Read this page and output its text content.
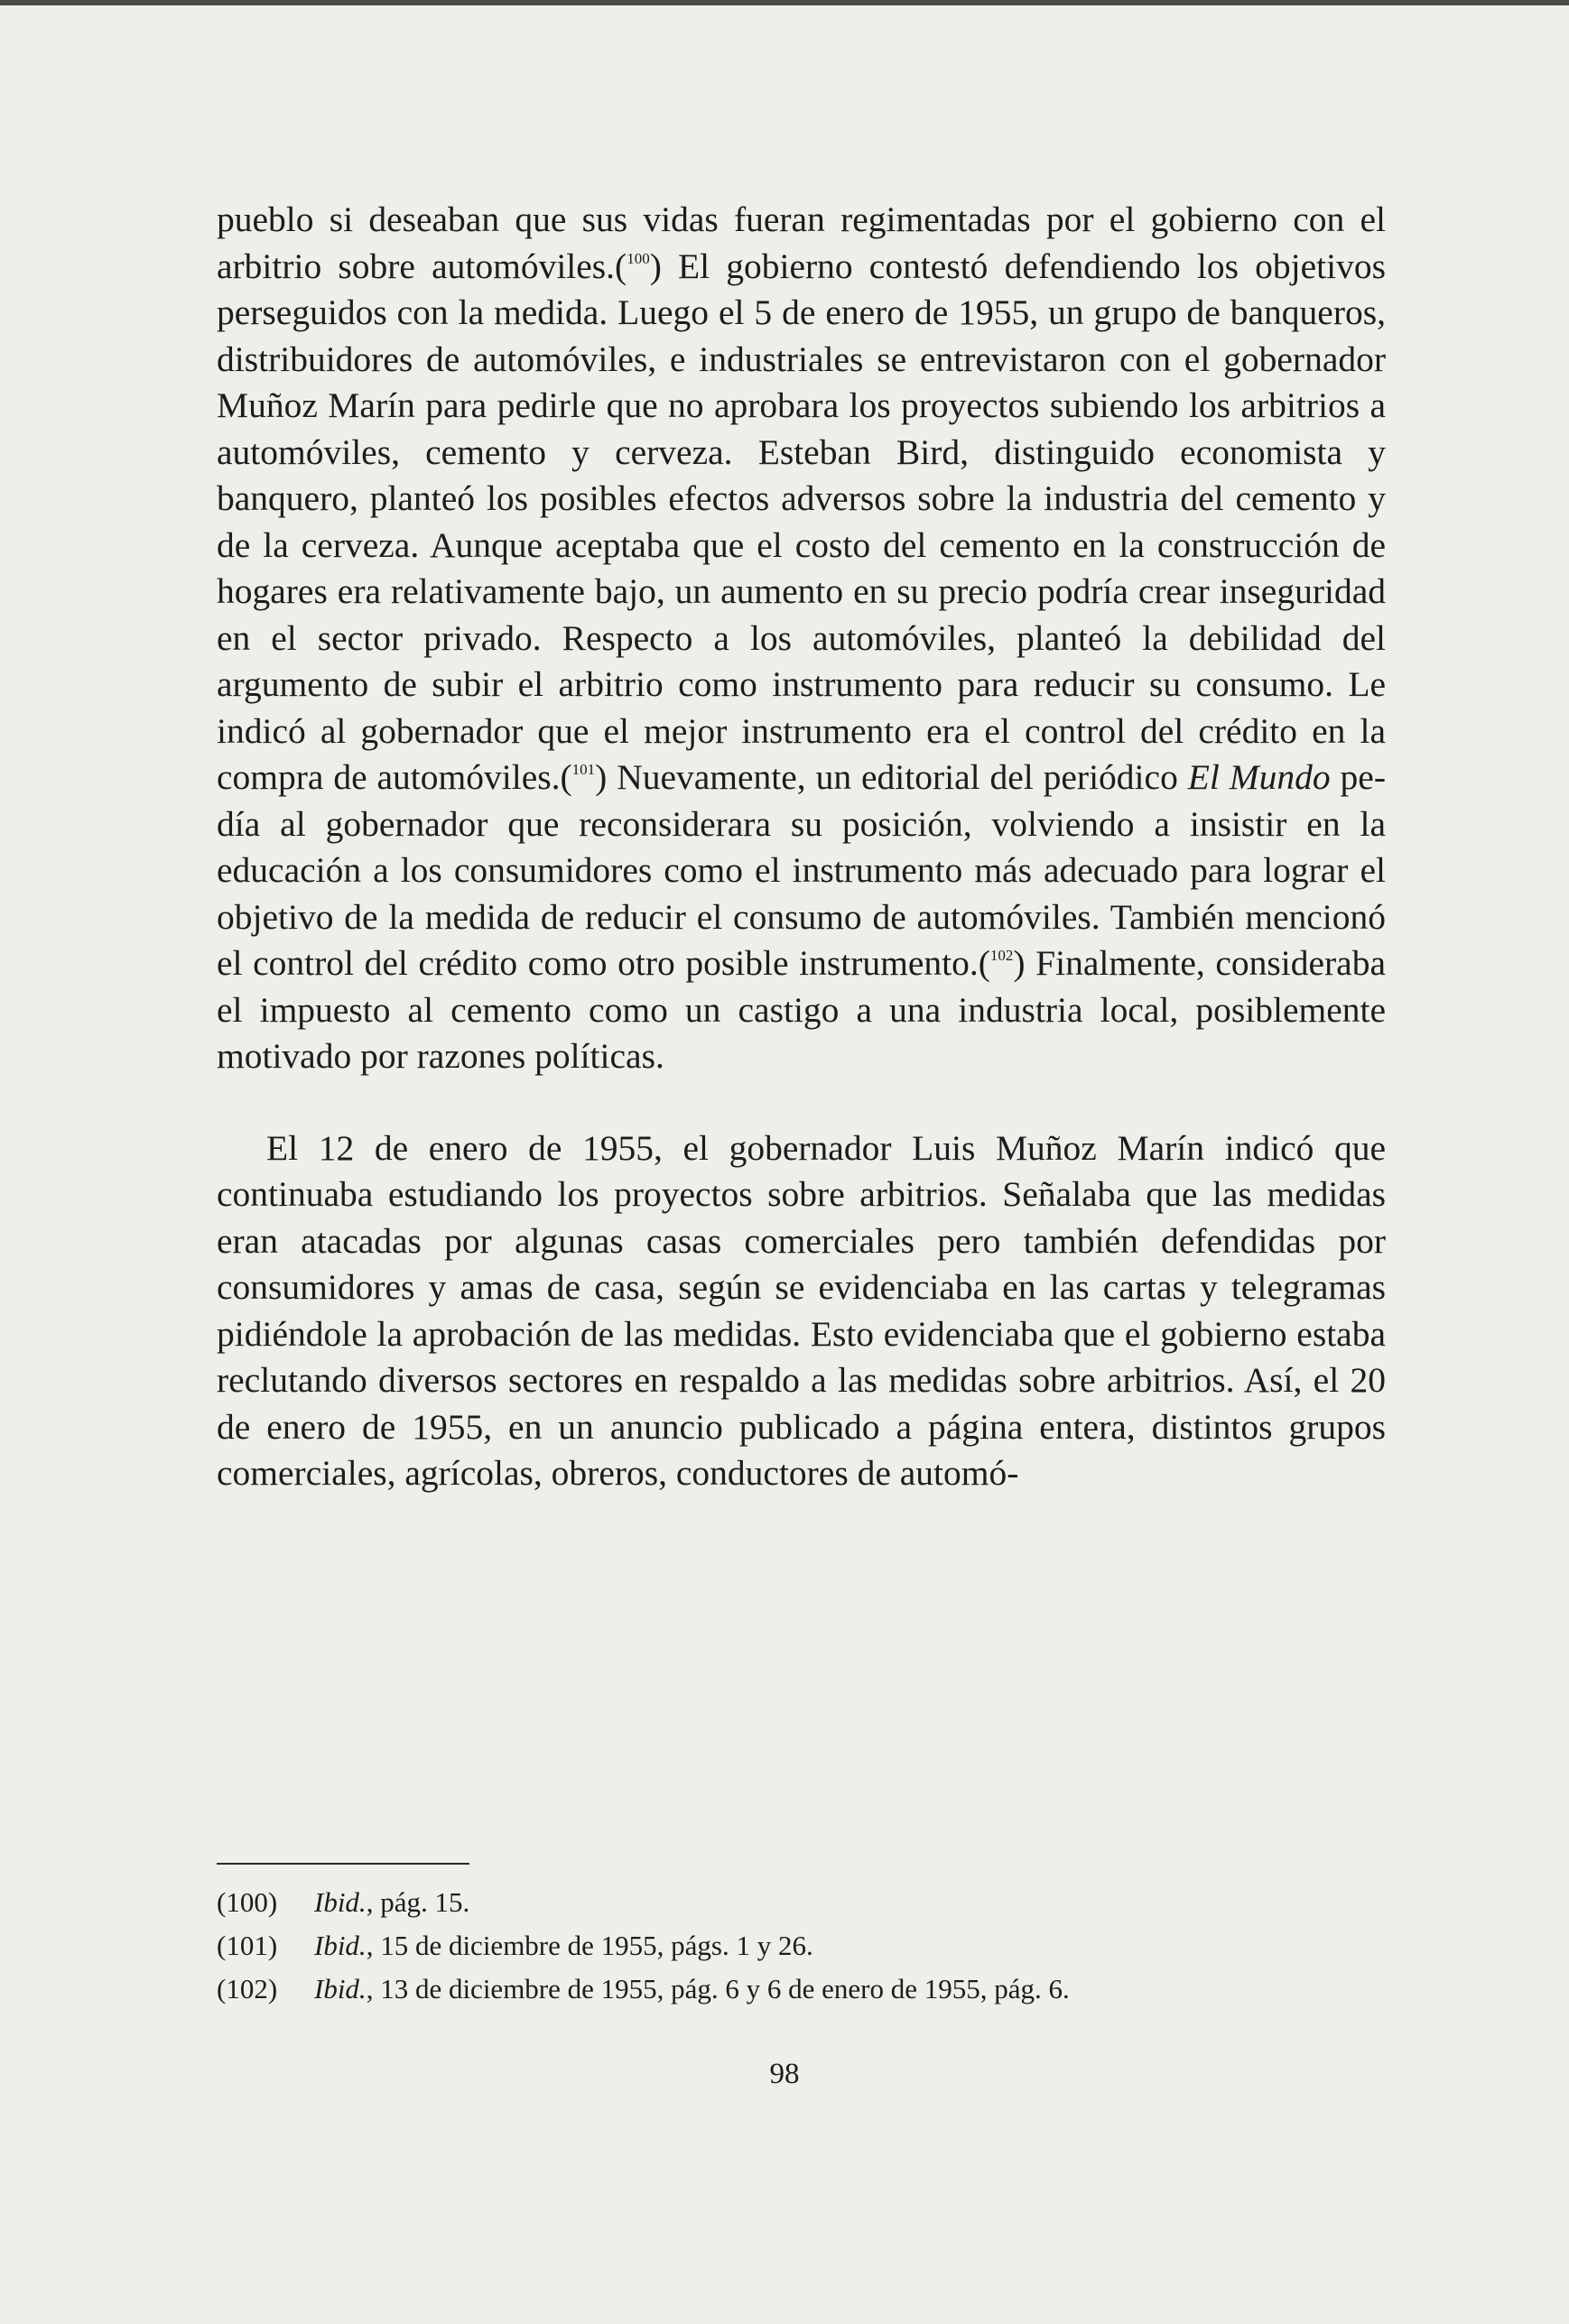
pueblo si deseaban que sus vidas fueran regimentadas por el gobierno con el arbitrio sobre automóviles.($^{100}$) El gobierno contestó defendiendo los objetivos perseguidos con la medida. Luego el 5 de enero de 1955, un grupo de banqueros, distribuidores de automóviles, e industriales se entrevistaron con el gobernador Muñoz Marín para pedirle que no aprobara los proyectos subiendo los arbitrios a automóviles, cemento y cerveza. Esteban Bird, distinguido economista y banquero, planteó los posibles efectos adversos sobre la industria del cemento y de la cerveza. Aunque aceptaba que el costo del cemento en la construcción de hogares era relativamente bajo, un aumento en su precio podría crear inseguridad en el sector privado. Respecto a los automóviles, planteó la debilidad del argumento de subir el arbitrio como instrumento para reducir su consumo. Le indicó al gobernador que el mejor instrumento era el control del crédito en la compra de automóviles.($^{101}$) Nuevamente, un editorial del periódico El Mundo pedía al gobernador que reconsiderara su posición, volviendo a insistir en la educación a los consumidores como el instrumento más adecuado para lograr el objetivo de la medida de reducir el consumo de automóviles. También mencionó el control del crédito como otro posible instrumento.($^{102}$) Finalmente, consideraba el impuesto al cemento como un castigo a una industria local, posiblemente motivado por razones políticas.

El 12 de enero de 1955, el gobernador Luis Muñoz Marín indicó que continuaba estudiando los proyectos sobre arbitrios. Señalaba que las medidas eran atacadas por algunas casas comerciales pero también defendidas por consumidores y amas de casa, según se evidenciaba en las cartas y telegramas pidiéndole la aprobación de las medidas. Esto evidenciaba que el gobierno estaba reclutando diversos sectores en respaldo a las medidas sobre arbitrios. Así, el 20 de enero de 1955, en un anuncio publicado a página entera, distintos grupos comerciales, agrícolas, obreros, conductores de automó-

(100) Ibid., pág. 15.

(101) Ibid., 15 de diciembre de 1955, págs. 1 y 26.

(102) Ibid., 13 de diciembre de 1955, pág. 6 y 6 de enero de 1955, pág. 6.

98
